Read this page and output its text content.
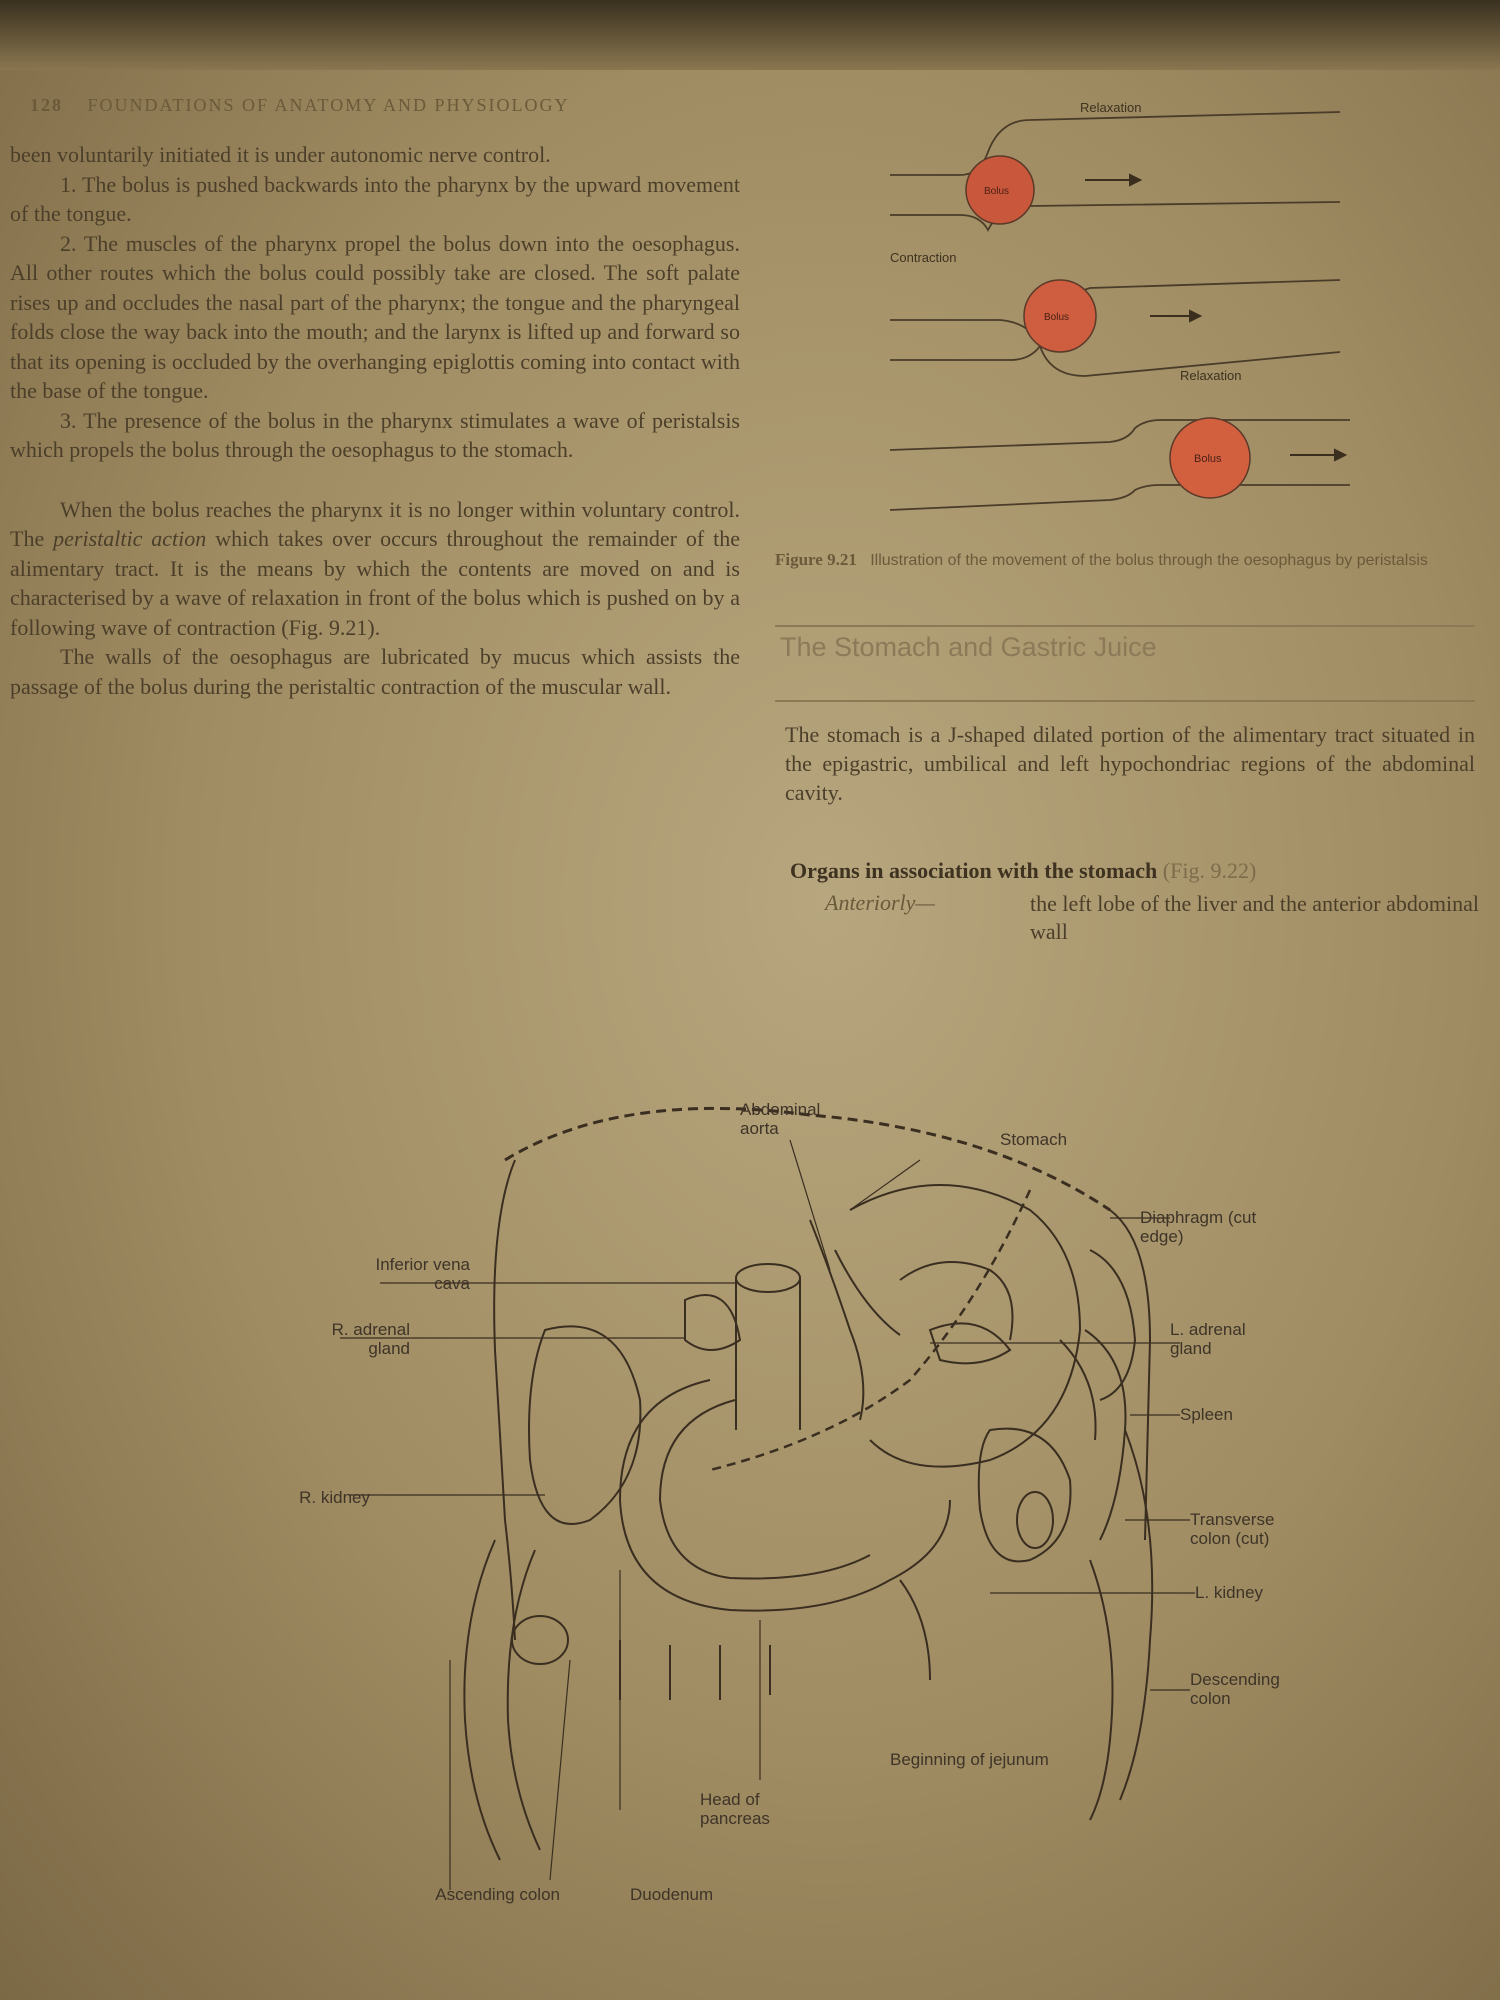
128 FOUNDATIONS OF ANATOMY AND PHYSIOLOGY

been voluntarily initiated it is under autonomic nerve control.

1. The bolus is pushed backwards into the pharynx by the upward movement of the tongue.

2. The muscles of the pharynx propel the bolus down into the oesophagus. All other routes which the bolus could possibly take are closed. The soft palate rises up and occludes the nasal part of the pharynx; the tongue and the pharyngeal folds close the way back into the mouth; and the larynx is lifted up and forward so that its opening is occluded by the overhanging epiglottis coming into contact with the base of the tongue.

3. The presence of the bolus in the pharynx stimulates a wave of peristalsis which propels the bolus through the oesophagus to the stomach.

When the bolus reaches the pharynx it is no longer within voluntary control. The peristaltic action which takes over occurs throughout the remainder of the alimentary tract. It is the means by which the contents are moved on and is characterised by a wave of relaxation in front of the bolus which is pushed on by a following wave of contraction (Fig. 9.21).

The walls of the oesophagus are lubricated by mucus which assists the passage of the bolus during the peristaltic contraction of the muscular wall.

Relaxation
Contraction
Relaxation
Bolus
Bolus
Bolus
Figure 9.21 Illustration of the movement of the bolus through the oesophagus by peristalsis
The Stomach and Gastric Juice
The stomach is a J-shaped dilated portion of the alimentary tract situated in the epigastric, umbilical and left hypochondriac regions of the abdominal cavity.
Organs in association with the stomach (Fig. 9.22)
Anteriorly—	the left lobe of the liver and the anterior abdominal wall
Abdominal aorta
Stomach
Diaphragm (cut edge)
Inferior vena cava
R. adrenal gland
L. adrenal gland
Spleen
R. kidney
Transverse colon (cut)
L. kidney
Descending colon
Beginning of jejunum
Head of pancreas
Duodenum
Ascending colon
